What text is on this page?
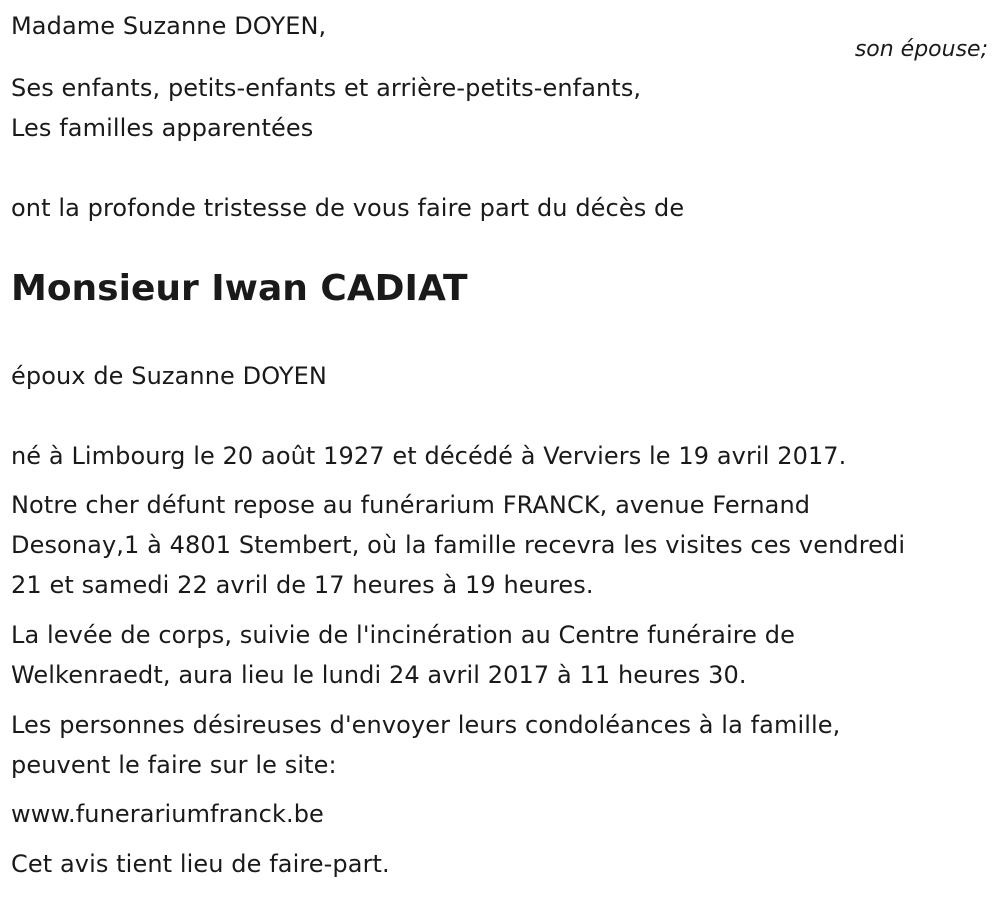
Madame Suzanne DOYEN,
son épouse;
Ses enfants, petits-enfants et arrière-petits-enfants,
Les familles apparentées
ont la profonde tristesse de vous faire part du décès de
Monsieur Iwan CADIAT
époux de Suzanne DOYEN
né à Limbourg le 20 août 1927 et décédé à Verviers le 19 avril 2017.
Notre cher défunt repose au funérarium FRANCK, avenue Fernand
Desonay,1 à 4801 Stembert, où la famille recevra les visites ces vendredi
21 et samedi 22 avril de 17 heures à 19 heures.
La levée de corps, suivie de l'incinération au Centre funéraire de
Welkenraedt, aura lieu le lundi 24 avril 2017 à 11 heures 30.
Les personnes désireuses d'envoyer leurs condoléances à la famille,
peuvent le faire sur le site:
www.funerariumfranck.be
Cet avis tient lieu de faire-part.
